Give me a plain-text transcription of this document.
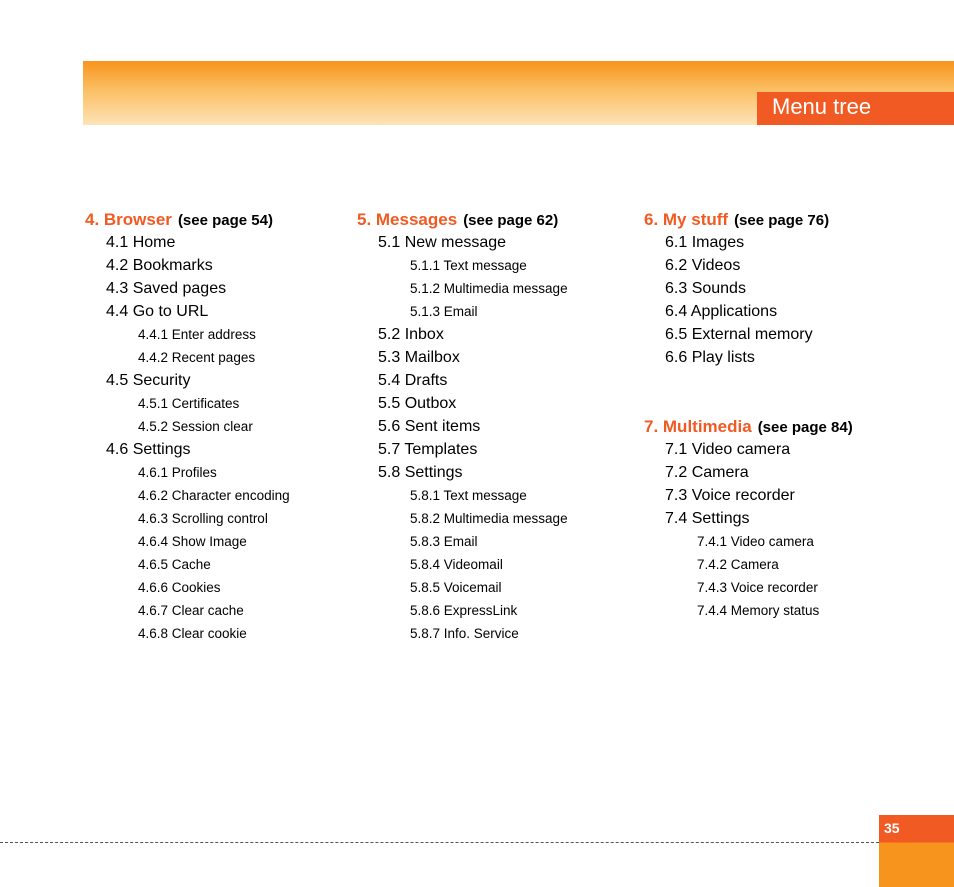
Menu tree
4. Browser (see page 54)
4.1 Home
4.2 Bookmarks
4.3 Saved pages
4.4 Go to URL
4.4.1 Enter address
4.4.2 Recent pages
4.5 Security
4.5.1 Certificates
4.5.2 Session clear
4.6 Settings
4.6.1 Profiles
4.6.2 Character encoding
4.6.3 Scrolling control
4.6.4 Show Image
4.6.5 Cache
4.6.6 Cookies
4.6.7 Clear cache
4.6.8 Clear cookie
5. Messages (see page 62)
5.1 New message
5.1.1 Text message
5.1.2 Multimedia message
5.1.3 Email
5.2 Inbox
5.3 Mailbox
5.4 Drafts
5.5 Outbox
5.6 Sent items
5.7 Templates
5.8 Settings
5.8.1 Text message
5.8.2 Multimedia message
5.8.3 Email
5.8.4 Videomail
5.8.5 Voicemail
5.8.6 ExpressLink
5.8.7 Info. Service
6. My stuff (see page 76)
6.1 Images
6.2 Videos
6.3 Sounds
6.4 Applications
6.5 External memory
6.6 Play lists
7. Multimedia (see page 84)
7.1 Video camera
7.2 Camera
7.3 Voice recorder
7.4 Settings
7.4.1 Video camera
7.4.2 Camera
7.4.3 Voice recorder
7.4.4 Memory status
35
